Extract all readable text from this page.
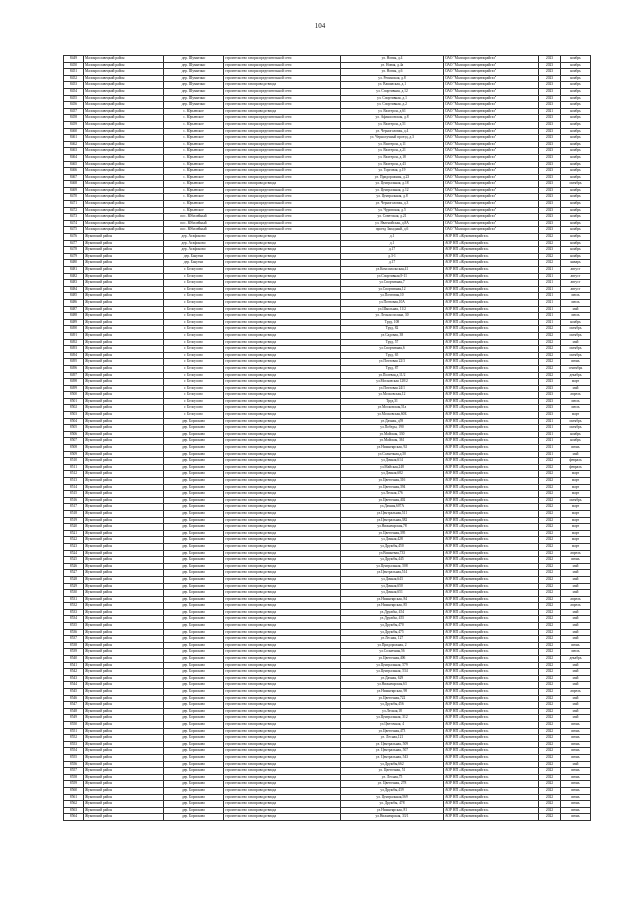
104
8449	Малоярославецкий район	дер. Шумятино	строительство газораспределительной сети	ул. Новая, д.4	ОАО "Малоярославецмежрайгаз"	2023	ноябрь
8450	Малоярославецкий район	дер. Шумятино	строительство газораспределительной сети	ул. Новая, д.4а	ОАО "Малоярославецмежрайгаз"	2023	ноябрь
8451	Малоярославецкий район	дер. Шумятино	строительство газораспределительной сети	ул. Новая, д.6	ОАО "Малоярославецмежрайгаз"	2023	ноябрь
8452	Малоярославецкий район	дер. Шумятино	строительство газораспределительной сети	ул. Репинская, д.8	ОАО "Малоярославецмежрайгаз"	2023	ноябрь
8453	Малоярославецкий район	дер. Шумятино	строительство газопровода-ввода	ул. Вашавская, д.1	ОАО "Малоярославецмежрайгаз"	2023	ноябрь
8454	Малоярославецкий район	дер. Шумятино	строительство газораспределительной сети	ул. Спортивная, д.12	ОАО "Малоярославецмежрайгаз"	2023	ноябрь
8455	Малоярославецкий район	дер. Шумятино	строительство газораспределительной сети	ул. Спортивная, д.1	ОАО "Малоярославецмежрайгаз"	2023	ноябрь
8456	Малоярославецкий район	дер. Шумятино	строительство газораспределительной сети	ул. Спортивная, д.2	ОАО "Малоярославецмежрайгаз"	2023	ноябрь
8457	Малоярославецкий район	с. Юрьевское	строительство газопровода-ввода	ул. Вахтерон, д.61	ОАО "Малоярославецмежрайгаз"	2021	ноябрь
8458	Малоярославецкий район	с. Юрьевское	строительство газораспределительной сети	ул. Афанасовская, д.8	ОАО "Малоярославецмежрайгаз"	2023	ноябрь
8459	Малоярославецкий район	с. Юрьевское	строительство газораспределительной сети	ул. Вахтерон, д.51	ОАО "Малоярославецмежрайгаз"	2023	ноябрь
8460	Малоярославецкий район	с. Юрьевское	строительство газораспределительной сети	ул. Черноголовая, д.4	ОАО "Малоярославецмежрайгаз"	2023	ноябрь
8461	Малоярославецкий район	с. Юрьевское	строительство газораспределительной сети	ул. Чернолучный проезд, д.3	ОАО "Малоярославецмежрайгаз"	2023	ноябрь
8462	Малоярославецкий район	с. Юрьевское	строительство газораспределительной сети	ул. Вахтерон, д.11	ОАО "Малоярославецмежрайгаз"	2023	ноябрь
8463	Малоярославецкий район	с. Юрьевское	строительство газораспределительной сети	ул. Вахтерон, д.21	ОАО "Малоярославецмежрайгаз"	2023	ноябрь
8464	Малоярославецкий район	с. Юрьевское	строительство газораспределительной сети	ул. Вахтерон, д.18	ОАО "Малоярославецмежрайгаз"	2023	ноябрь
8465	Малоярославецкий район	с. Юрьевское	строительство газораспределительной сети	ул. Вахтерон, д.43	ОАО "Малоярославецмежрайгаз"	2023	ноябрь
8466	Малоярославецкий район	с. Юрьевское	строительство газораспределительной сети	ул. Торговая, д.19	ОАО "Малоярославецмежрайгаз"	2023	ноябрь
8467	Малоярославецкий район	с. Юрьевское	строительство газораспределительной сети	ул. Придорожная, д.23	ОАО "Малоярославецмежрайгаз"	2023	ноябрь
8468	Малоярославецкий район	с. Юрьевское	строительство газопровода-ввода	ул. Центральная, д.18	ОАО "Малоярославецмежрайгаз"	2023	октябрь
8469	Малоярославецкий район	с. Юрьевское	строительство газораспределительной сети	ул. Центральная, д.12	ОАО "Малоярославецмежрайгаз"	2023	ноябрь
8470	Малоярославецкий район	с. Юрьевское	строительство газораспределительной сети	ул. Центральная, д.8	ОАО "Малоярославецмежрайгаз"	2023	ноябрь
8471	Малоярославецкий район	с. Юрьевское	строительство газораспределительной сети	ул. Черноголовая, д.3	ОАО "Малоярославецмежрайгаз"	2023	ноябрь
8472	Малоярославецкий район	с. Юрьевское	строительство газораспределительной сети	ул. Чуровская, д.5	ОАО "Малоярославецмежрайгаз"	2023	ноябрь
8473	Малоярославецкий район	пос. Юбилейный	строительство газораспределительной сети	ул. Советская, д.21	ОАО "Малоярославецмежрайгаз"	2023	ноябрь
8474	Малоярославецкий район	пос. Юбилейный	строительство газораспределительной сети	ул. Явленойская, д.8А	ОАО "Малоярославецмежрайгаз"	2023	ноябрь
8475	Малоярославецкий район	пос. Юбилейный	строительство газораспределительной сети	проезд Западный, д.6	ОАО "Малоярославецмежрайгаз"	2023	ноябрь
8476	Жуковский район	дер. Агафоново	строительство газопровода-ввода	д.1	АОР НП «Жуковмежрайгаз»	2022	ноябрь
8477	Жуковский район	дер. Агафоново	строительство газопровода-ввода	д.1	АОР НП «Жуковмежрайгаз»	2022	ноябрь
8478	Жуковский район	дер. Агафоново	строительство газопровода-ввода	д.17	АОР НП «Жуковмежрайгаз»	2023	ноябрь
8479	Жуковский район	дер. Бакутки	строительство газопровода-ввода	д.3-1	АОР НП «Жуковмежрайгаз»	2022	ноябрь
8480	Жуковский район	дер. Бакутки	строительство газопровода-ввода	д.17	АОР НП «Жуковмежрайгаз»	2022	январь
8481	Жуковский район	г. Белоусово	строительство газопровода-ввода	ул.Комсомольская,41	АОР НП «Жуковмежрайгаз»	2021	август
8482	Жуковский район	г. Белоусово	строительство газопровода-ввода	ул.Спортивная,9-11	АОР НП «Жуковмежрайгаз»	2021	август
8483	Жуковский район	г. Белоусово	строительство газопровода-ввода	ул.Спортивная,7	АОР НП «Жуковмежрайгаз»	2021	август
8484	Жуковский район	г. Белоусово	строительство газопровода-ввода	ул.Спортивная,12	АОР НП «Жуковмежрайгаз»	2021	август
8485	Жуковский район	г. Белоусово	строительство газопровода-ввода	ул.Почтовая,10	АОР НП «Жуковмежрайгаз»	2021	июль
8486	Жуковский район	г. Белоусово	строительство газопровода-ввода	ул.Почтовая,10А	АОР НП «Жуковмежрайгаз»	2021	июль
8487	Жуковский район	г. Белоусово	строительство газопровода-ввода	ул.Школьная, 11/2	АОР НП «Жуковмежрайгаз»	2021	май
8488	Жуковский район	г. Белоусово	строительство газопровода-ввода	ул. Лесная поляна, 30	АОР НП «Жуковмежрайгаз»	2021	июль
8489	Жуковский район	г. Белоусово	строительство газопровода-ввода	Труд, 108	АОР НП «Жуковмежрайгаз»	2021	ноябрь
8490	Жуковский район	г. Белоусово	строительство газопровода-ввода	Труд, 82	АОР НП «Жуковмежрайгаз»	2022	октябрь
8491	Жуковский район	г. Белоусово	строительство газопровода-ввода	ул.Садовая, 38	АОР НП «Жуковмежрайгаз»	2022	октябрь
8492	Жуковский район	г. Белоусово	строительство газопровода-ввода	Труд, 57	АОР НП «Жуковмежрайгаз»	2022	май
8493	Жуковский район	г. Белоусово	строительство газопровода-ввода	ул.Спортивная,6	АОР НП «Жуковмежрайгаз»	2022	октябрь
8494	Жуковский район	г. Белоусово	строительство газопровода-ввода	Труд, 65	АОР НП «Жуковмежрайгаз»	2022	октябрь
8495	Жуковский район	г. Белоусово	строительство газопровода-ввода	ул.Почтовая 22/3	АОР НП «Жуковмежрайгаз»	2022	июнь
8496	Жуковский район	г. Белоусово	строительство газопровода-ввода	Труд, 87	АОР НП «Жуковмежрайгаз»	2022	сентябрь
8497	Жуковский район	г. Белоусово	строительство газопровода-ввода	ул.Полевая,д.11/2	АОР НП «Жуковмежрайгаз»	2022	декабрь
8498	Жуковский район	г. Белоусово	строительство газопровода-ввода	ул.Московская 128/2	АОР НП «Жуковмежрайгаз»	2023	март
8499	Жуковский район	г. Белоусово	строительство газопровода-ввода	ул.Почтовая 24/1	АОР НП «Жуковмежрайгаз»	2023	май
8500	Жуковский район	г. Белоусово	строительство газопровода-ввода	ул.Московская,12	АОР НП «Жуковмежрайгаз»	2023	апрель
8501	Жуковский район	г. Белоусово	строительство газопровода-ввода	Труд,31	АОР НП «Жуковмежрайгаз»	2023	июль
8502	Жуковский район	г. Белоусово	строительство газопровода-ввода	ул.Московская,51а	АОР НП «Жуковмежрайгаз»	2023	июль
8503	Жуковский район	г. Белоусово	строительство газопровода-ввода	ул.Московская,60Б	АОР НП «Жуковмежрайгаз»	2023	март
8504	Жуковский район	дер. Борисково	строительство газопровода-ввода	ул.Дачная, д59	АОР НП «Жуковмежрайгаз»	2021	октябрь
8505	Жуковский район	дер. Борисково	строительство газопровода-ввода	ул.Победы, 190	АОР НП «Жуковмежрайгаз»	2021	октябрь
8506	Жуковский район	дер. Борисково	строительство газопровода-ввода	ул.Майская, 330	АОР НП «Жуковмежрайгаз»	2021	ноябрь
8507	Жуковский район	дер. Борисково	строительство газопровода-ввода	ул.Майская, 361	АОР НП «Жуковмежрайгаз»	2021	ноябрь
8508	Жуковский район	дер. Борисково	строительство газопровода-ввода	ул.Нижнеярская, 92	АОР НП «Жуковмежрайгаз»	2021	июнь
8509	Жуковский район	дер. Борисково	строительство газопровода-ввода	ул.Солнечная,д.50	АОР НП «Жуковмежрайгаз»	2021	май
8510	Жуковский район	дер. Борисково	строительство газопровода-ввода	ул.Дачная,614	АОР НП «Жуковмежрайгаз»	2022	февраль
8511	Жуковский район	дер. Борисково	строительство газопровода-ввода	ул.Майская,248	АОР НП «Жуковмежрайгаз»	2022	февраль
8512	Жуковский район	дер. Борисково	строительство газопровода-ввода	ул.Дачная,682	АОР НП «Жуковмежрайгаз»	2022	март
8513	Жуковский район	дер. Борисково	строительство газопровода-ввода	ул.Цветочная,316	АОР НП «Жуковмежрайгаз»	2022	март
8514	Жуковский район	дер. Борисково	строительство газопровода-ввода	ул.Цветочная,394	АОР НП «Жуковмежрайгаз»	2022	март
8515	Жуковский район	дер. Борисково	строительство газопровода-ввода	ул.Лесная,176	АОР НП «Жуковмежрайгаз»	2022	март
8516	Жуковский район	дер. Борисково	строительство газопровода-ввода	ул.Цветочная,402	АОР НП «Жуковмежрайгаз»	2022	октябрь
8517	Жуковский район	дер. Борисково	строительство газопровода-ввода	ул.Дачная,607А	АОР НП «Жуковмежрайгаз»	2022	март
8518	Жуковский район	дер. Борисково	строительство газопровода-ввода	ул.Центральная,511	АОР НП «Жуковмежрайгаз»	2022	март
8519	Жуковский район	дер. Борисково	строительство газопровода-ввода	ул.Центральная,382	АОР НП «Жуковмежрайгаз»	2022	март
8520	Жуковский район	дер. Борисково	строительство газопровода-ввода	ул.Нижнеярская,78	АОР НП «Жуковмежрайгаз»	2022	март
8521	Жуковский район	дер. Борисково	строительство газопровода-ввода	ул.Цветочная,395	АОР НП «Жуковмежрайгаз»	2022	март
8522	Жуковский район	дер. Борисково	строительство газопровода-ввода	ул.Дачная,428	АОР НП «Жуковмежрайгаз»	2022	март
8523	Жуковский район	дер. Борисково	строительство газопровода-ввода	ул.Дружбы,450	АОР НП «Жуковмежрайгаз»	2022	март
8524	Жуковский район	дер. Борисково	строительство газопровода-ввода	ул.Вишневая,733	АОР НП «Жуковмежрайгаз»	2022	апрель
8525	Жуковский район	дер. Борисково	строительство газопровода-ввода	ул.Дружбы,445	АОР НП «Жуковмежрайгаз»	2022	июнь
8526	Жуковский район	дер. Борисково	строительство газопровода-ввода	ул.Центральная, 508	АОР НП «Жуковмежрайгаз»	2022	май
8527	Жуковский район	дер. Борисково	строительство газопровода-ввода	ул.Центральная,514	АОР НП «Жуковмежрайгаз»	2022	май
8528	Жуковский район	дер. Борисково	строительство газопровода-ввода	ул.Дачная,643	АОР НП «Жуковмежрайгаз»	2022	май
8529	Жуковский район	дер. Борисково	строительство газопровода-ввода	ул.Дачная,650	АОР НП «Жуковмежрайгаз»	2022	май
8530	Жуковский район	дер. Борисково	строительство газопровода-ввода	ул.Дачная,651	АОР НП «Жуковмежрайгаз»	2022	май
8531	Жуковский район	дер. Борисково	строительство газопровода-ввода	ул.Нижнеярская, 84	АОР НП «Жуковмежрайгаз»	2022	апрель
8532	Жуковский район	дер. Борисково	строительство газопровода-ввода	ул.Нижнеярская, 85	АОР НП «Жуковмежрайгаз»	2022	апрель
8533	Жуковский район	дер. Борисково	строительство газопровода-ввода	ул.Дружбы, 454	АОР НП «Жуковмежрайгаз»	2022	май
8534	Жуковский район	дер. Борисково	строительство газопровода-ввода	ул.Дружбы, 455	АОР НП «Жуковмежрайгаз»	2022	май
8535	Жуковский район	дер. Борисково	строительство газопровода-ввода	ул.Дружбы,470	АОР НП «Жуковмежрайгаз»	2022	май
8536	Жуковский район	дер. Борисково	строительство газопровода-ввода	ул.Дружбы,475	АОР НП «Жуковмежрайгаз»	2022	май
8537	Жуковский район	дер. Борисково	строительство газопровода-ввода	ул.Лесная, 127	АОР НП «Жуковмежрайгаз»	2022	май
8538	Жуковский район	дер. Борисково	строительство газопровода-ввода	ул.Придорожная, 2	АОР НП «Жуковмежрайгаз»	2022	июнь
8539	Жуковский район	дер. Борисково	строительство газопровода-ввода	ул.Солнечная,56	АОР НП «Жуковмежрайгаз»	2022	июль
8540	Жуковский район	дер. Борисково	строительство газопровода-ввода	ул.Цветочная,406	АОР НП «Жуковмежрайгаз»	2022	декабрь
8541	Жуковский район	дер. Борисково	строительство газопровода-ввода	ул.Центральная, 579	АОР НП «Жуковмежрайгаз»	2022	май
8542	Жуковский район	дер. Борисково	строительство газопровода-ввода	ул.Центральная, 534	АОР НП «Жуковмежрайгаз»	2022	май
8543	Жуковский район	дер. Борисково	строительство газопровода-ввода	ул.Дачная, 629	АОР НП «Жуковмежрайгаз»	2022	май
8544	Жуковский район	дер. Борисково	строительство газопровода-ввода	ул.Нижнеярская,63	АОР НП «Жуковмежрайгаз»	2022	май
8545	Жуковский район	дер. Борисково	строительство газопровода-ввода	ул.Нижнеярская, 98	АОР НП «Жуковмежрайгаз»	2022	апрель
8546	Жуковский район	дер. Борисково	строительство газопровода-ввода	ул.Цветочная,722	АОР НП «Жуковмежрайгаз»	2022	май
8547	Жуковский район	дер. Борисково	строительство газопровода-ввода	ул.Дружбы,456	АОР НП «Жуковмежрайгаз»	2022	май
8548	Жуковский район	дер. Борисково	строительство газопровода-ввода	ул.Лесная,18	АОР НП «Жуковмежрайгаз»	2022	май
8549	Жуковский район	дер. Борисково	строительство газопровода-ввода	ул.Центральная, 312	АОР НП «Жуковмежрайгаз»	2022	май
8550	Жуковский район	дер. Борисково	строительство газопровода-ввода	ул.Цветочная, 4	АОР НП «Жуковмежрайгаз»	2022	июнь
8551	Жуковский район	дер. Борисково	строительство газопровода-ввода	ул.Цветочная,473	АОР НП «Жуковмежрайгаз»	2022	июнь
8552	Жуковский район	дер. Борисково	строительство газопровода-ввода	ул. Лесная,121	АОР НП «Жуковмежрайгаз»	2022	июнь
8553	Жуковский район	дер. Борисково	строительство газопровода-ввода	ул. Центральная, 509	АОР НП «Жуковмежрайгаз»	2022	июнь
8554	Жуковский район	дер. Борисково	строительство газопровода-ввода	ул. Центральная, 507	АОР НП «Жуковмежрайгаз»	2022	июнь
8555	Жуковский район	дер. Борисково	строительство газопровода-ввода	ул. Центральная, 543	АОР НП «Жуковмежрайгаз»	2022	июнь
8556	Жуковский район	дер. Борисково	строительство газопровода-ввода	ул.Дружбы,662	АОР НП «Жуковмежрайгаз»	2022	май
8557	Жуковский район	дер. Борисково	строительство газопровода-ввода	ул. Цветочная, 51	АОР НП «Жуковмежрайгаз»	2022	июнь
8558	Жуковский район	дер. Борисково	строительство газопровода-ввода	ул. Лесная,75	АОР НП «Жуковмежрайгаз»	2022	июнь
8559	Жуковский район	дер. Борисково	строительство газопровода-ввода	ул. Цветочная, 278	АОР НП «Жуковмежрайгаз»	2022	июнь
8560	Жуковский район	дер. Борисково	строительство газопровода-ввода	ул.Дружбы,439	АОР НП «Жуковмежрайгаз»	2022	июнь
8561	Жуковский район	дер. Борисково	строительство газопровода-ввода	ул. Центральная,569	АОР НП «Жуковмежрайгаз»	2022	июнь
8562	Жуковский район	дер. Борисково	строительство газопровода-ввода	ул. Дружбы, 478	АОР НП «Жуковмежрайгаз»	2022	июнь
8563	Жуковский район	дер. Борисково	строительство газопровода-ввода	ул.Нижнеярская, 81	АОР НП «Жуковмежрайгаз»	2022	июнь
8564	Жуковский район	дер. Борисково	строительство газопровода-ввода	ул.Нижнеярская, 33/1	АОР НП «Жуковмежрайгаз»	2022	июнь
